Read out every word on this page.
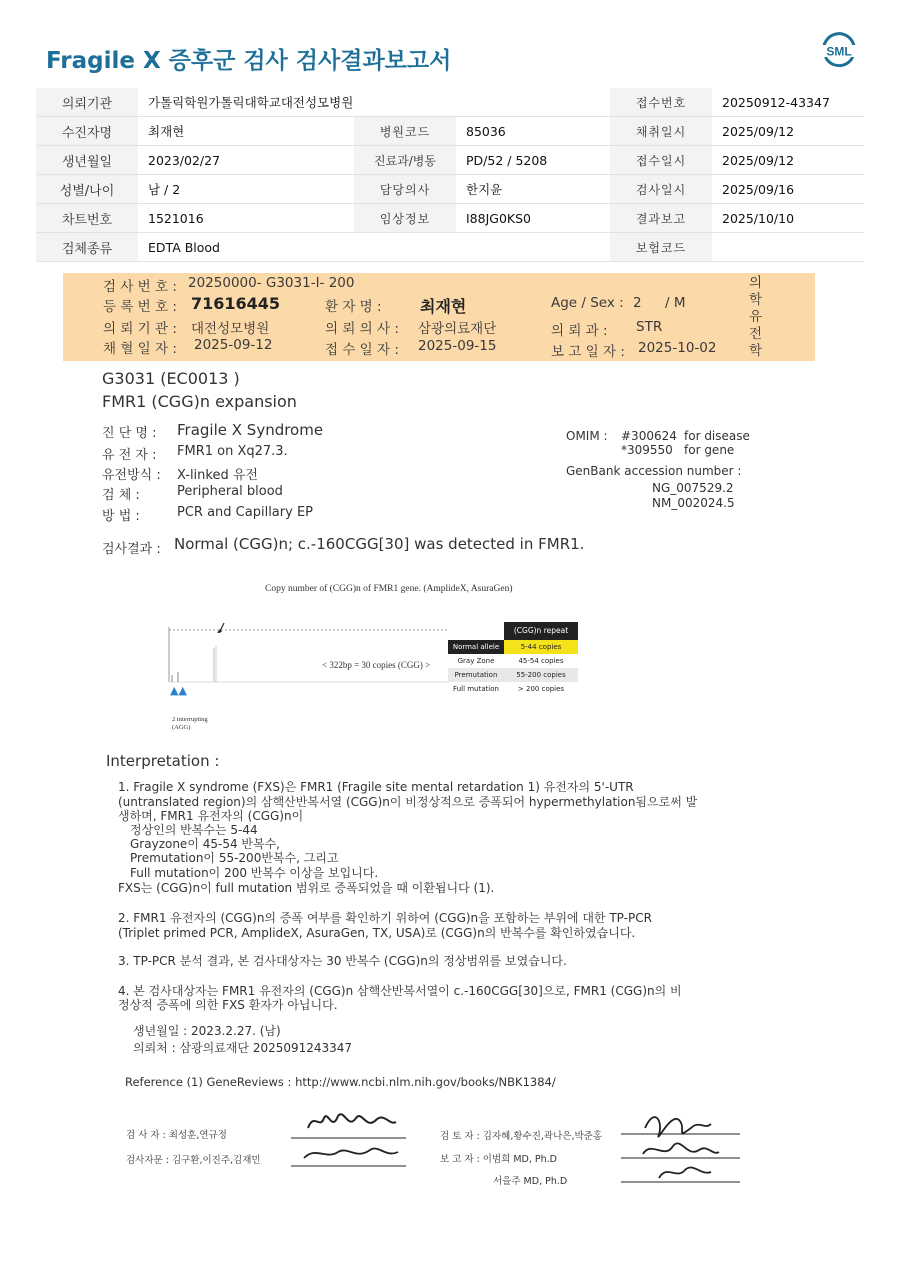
Fragile X 증후군 검사 검사결과보고서	SML
의뢰기관	가톨릭학원가톨릭대학교대전성모병원			접수번호	20250912-43347
수진자명	최재현	병원코드	85036	채취일시	2025/09/12
생년월일	2023/02/27	진료과/병동	PD/52 / 5208	접수일시	2025/09/12
성별/나이	남 / 2	담당의사	한지윤	검사일시	2025/09/16
차트번호	1521016	임상정보	I88JG0KS0	결과보고	2025/10/10
검체종류	EDTA Blood			보험코드	
검 사 번 호 : 20250000- G3031-I- 200
등 록 번 호 : 71616445	환 자 명 : 최재현	Age / Sex : 2 / M
의 뢰 기 관 : 대전성모병원	의 뢰 의 사 : 삼광의료재단	의 뢰 과 : STR
채 혈 일 자 : 2025-09-12	접 수 일 자 : 2025-09-15	보 고 일 자 : 2025-10-02
의학유전학
G3031 (EC0013 )
FMR1 (CGG)n expansion
진 단 명 : Fragile X Syndrome
유 전 자 : FMR1 on Xq27.3.
유전방식 : X-linked 유전
검 체 :	Peripheral blood
방 법 :	PCR and Capillary EP
OMIM : #300624 for disease
*309550 for gene
GenBank accession number :
NG_007529.2
NM_002024.5
검사결과 : Normal (CGG)n; c.-160CGG[30] was detected in FMR1.
Copy number of (CGG)n of FMR1 gene. (AmplideX, AsuraGen)
< 322bp = 30 copies (CGG) >
▲▲
2 interrupting
(AGG)
(CGG)n repeat
Normal allele	5-44 copies
Gray Zone	45-54 copies
Premutation	55-200 copies
Full mutation	> 200 copies
Interpretation :
1. Fragile X syndrome (FXS)은 FMR1 (Fragile site mental retardation 1) 유전자의 5'-UTR
(untranslated region)의 삼핵산반복서열 (CGG)n이 비정상적으로 증폭되어 hypermethylation됨으로써 발
생하며, FMR1 유전자의 (CGG)n이
정상인의 반복수는 5-44
Grayzone이 45-54 반복수,
Premutation이 55-200반복수, 그리고
Full mutation이 200 반복수 이상을 보입니다.
FXS는 (CGG)n이 full mutation 범위로 증폭되었을 때 이환됩니다 (1).
2. FMR1 유전자의 (CGG)n의 증폭 여부를 확인하기 위하여 (CGG)n을 포함하는 부위에 대한 TP-PCR
(Triplet primed PCR, AmplideX, AsuraGen, TX, USA)로 (CGG)n의 반복수를 확인하였습니다.
3. TP-PCR 분석 결과, 본 검사대상자는 30 반복수 (CGG)n의 정상범위를 보였습니다.
4. 본 검사대상자는 FMR1 유전자의 (CGG)n 삼핵산반복서열이 c.-160CGG[30]으로, FMR1 (CGG)n의 비
정상적 증폭에 의한 FXS 환자가 아닙니다.
생년월일 : 2023.2.27. (남)
의뢰처 : 삼광의료재단 2025091243347
Reference (1) GeneReviews : http://www.ncbi.nlm.nih.gov/books/NBK1384/
검 사 자 : 최성훈,연규정
검사자문 : 김구환,이진주,김재민
검 토 자 : 김자혜,황수진,곽나은,박준홍
보 고 자 : 이범희 MD, Ph.D
서을주 MD, Ph.D
